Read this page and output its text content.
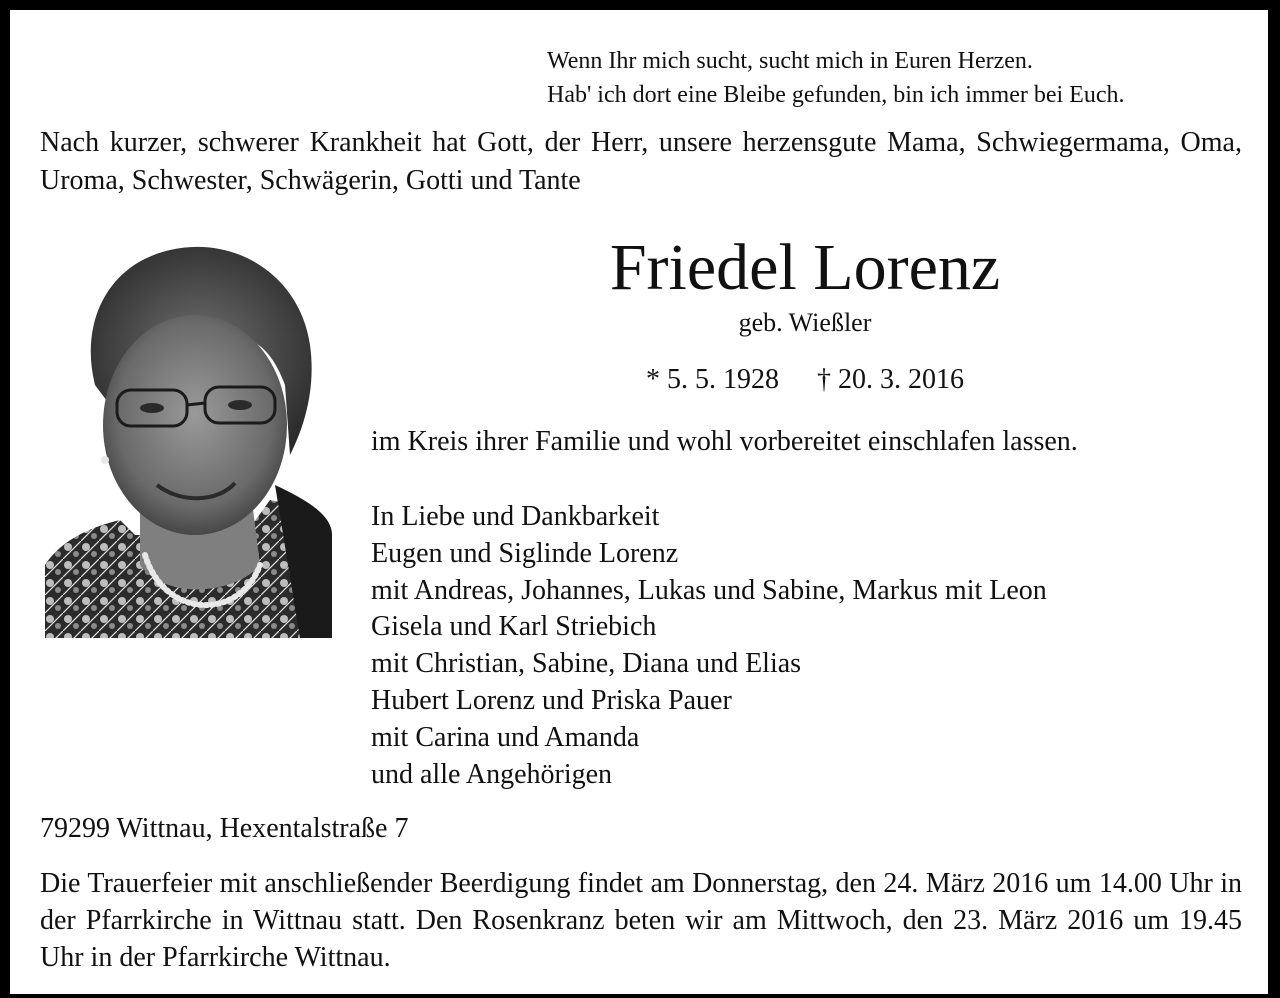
Wenn Ihr mich sucht, sucht mich in Euren Herzen.
Hab' ich dort eine Bleibe gefunden, bin ich immer bei Euch.
Nach kurzer, schwerer Krankheit hat Gott, der Herr, unsere herzensgute Mama, Schwiegermama, Oma, Uroma, Schwester, Schwägerin, Gotti und Tante
Friedel Lorenz
geb. Wießler
* 5. 5. 1928 † 20. 3. 2016
im Kreis ihrer Familie und wohl vorbereitet einschlafen lassen.
In Liebe und Dankbarkeit
Eugen und Siglinde Lorenz
mit Andreas, Johannes, Lukas und Sabine, Markus mit Leon
Gisela und Karl Striebich
mit Christian, Sabine, Diana und Elias
Hubert Lorenz und Priska Pauer
mit Carina und Amanda
und alle Angehörigen
79299 Wittnau, Hexentalstraße 7
Die Trauerfeier mit anschließender Beerdigung findet am Donnerstag, den 24. März 2016 um 14.00 Uhr in der Pfarrkirche in Wittnau statt. Den Rosenkranz beten wir am Mittwoch, den 23. März 2016 um 19.45 Uhr in der Pfarrkirche Wittnau.
